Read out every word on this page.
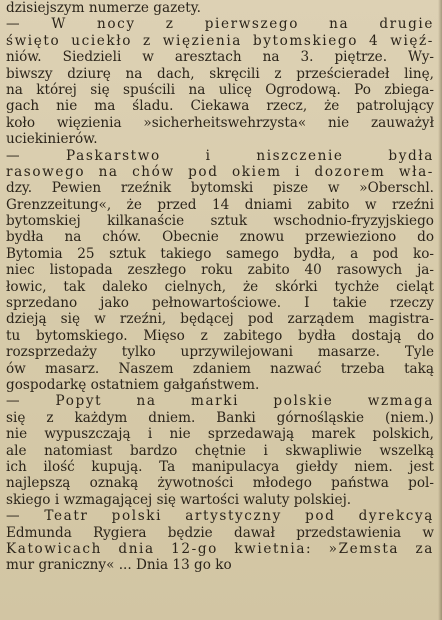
dzisiejszym numerze gazety.
— W nocy z pierwszego na drugie
święto uciekło z więzienia bytomskiego 4 więź-
niów. Siedzieli w aresztach na 3. piętrze. Wy-
biwszy dziurę na dach, skręcili z prześcieradeł linę,
na której się spuścili na ulicę Ogrodową. Po zbiega-
gach nie ma śladu. Ciekawa rzecz, że patrolujący
koło więzienia »sicherheitswehrzysta« nie zauważył
uciekinierów.
— Paskarstwo i niszczenie bydła
rasowego na chów pod okiem i dozorem wła-
dzy. Pewien rzeźnik bytomski pisze w »Oberschl.
Grenzzeitung«, że przed 14 dniami zabito w rzeźni
bytomskiej kilkanaście sztuk wschodnio-fryzyjskiego
bydła na chów. Obecnie znowu przewieziono do
Bytomia 25 sztuk takiego samego bydła, a pod ko-
niec listopada zeszłego roku zabito 40 rasowych ja-
łowic, tak daleko cielnych, że skórki tychże cieląt
sprzedano jako pełnowartościowe. I takie rzeczy
dzieją się w rzeźni, będącej pod zarządem magistra-
tu bytomskiego. Mięso z zabitego bydła dostają do
rozsprzedaży tylko uprzywilejowani masarze. Tyle
ów masarz. Naszem zdaniem nazwać trzeba taką
gospodarkę ostatniem gałgaństwem.
— Popyt na marki polskie wzmaga
się z każdym dniem. Banki górnośląskie (niem.)
nie wypuszczają i nie sprzedawają marek polskich,
ale natomiast bardzo chętnie i skwapliwie wszelką
ich ilość kupują. Ta manipulacya giełdy niem. jest
najlepszą oznaką żywotności młodego państwa pol-
skiego i wzmagającej się wartości waluty polskiej.
— Teatr polski artystyczny pod dyrekcyą
Edmunda Rygiera będzie dawał przedstawienia w
Katowicach dnia 12-go kwietnia: »Zemsta za
mur graniczny« ... Dnia 13 go ko
